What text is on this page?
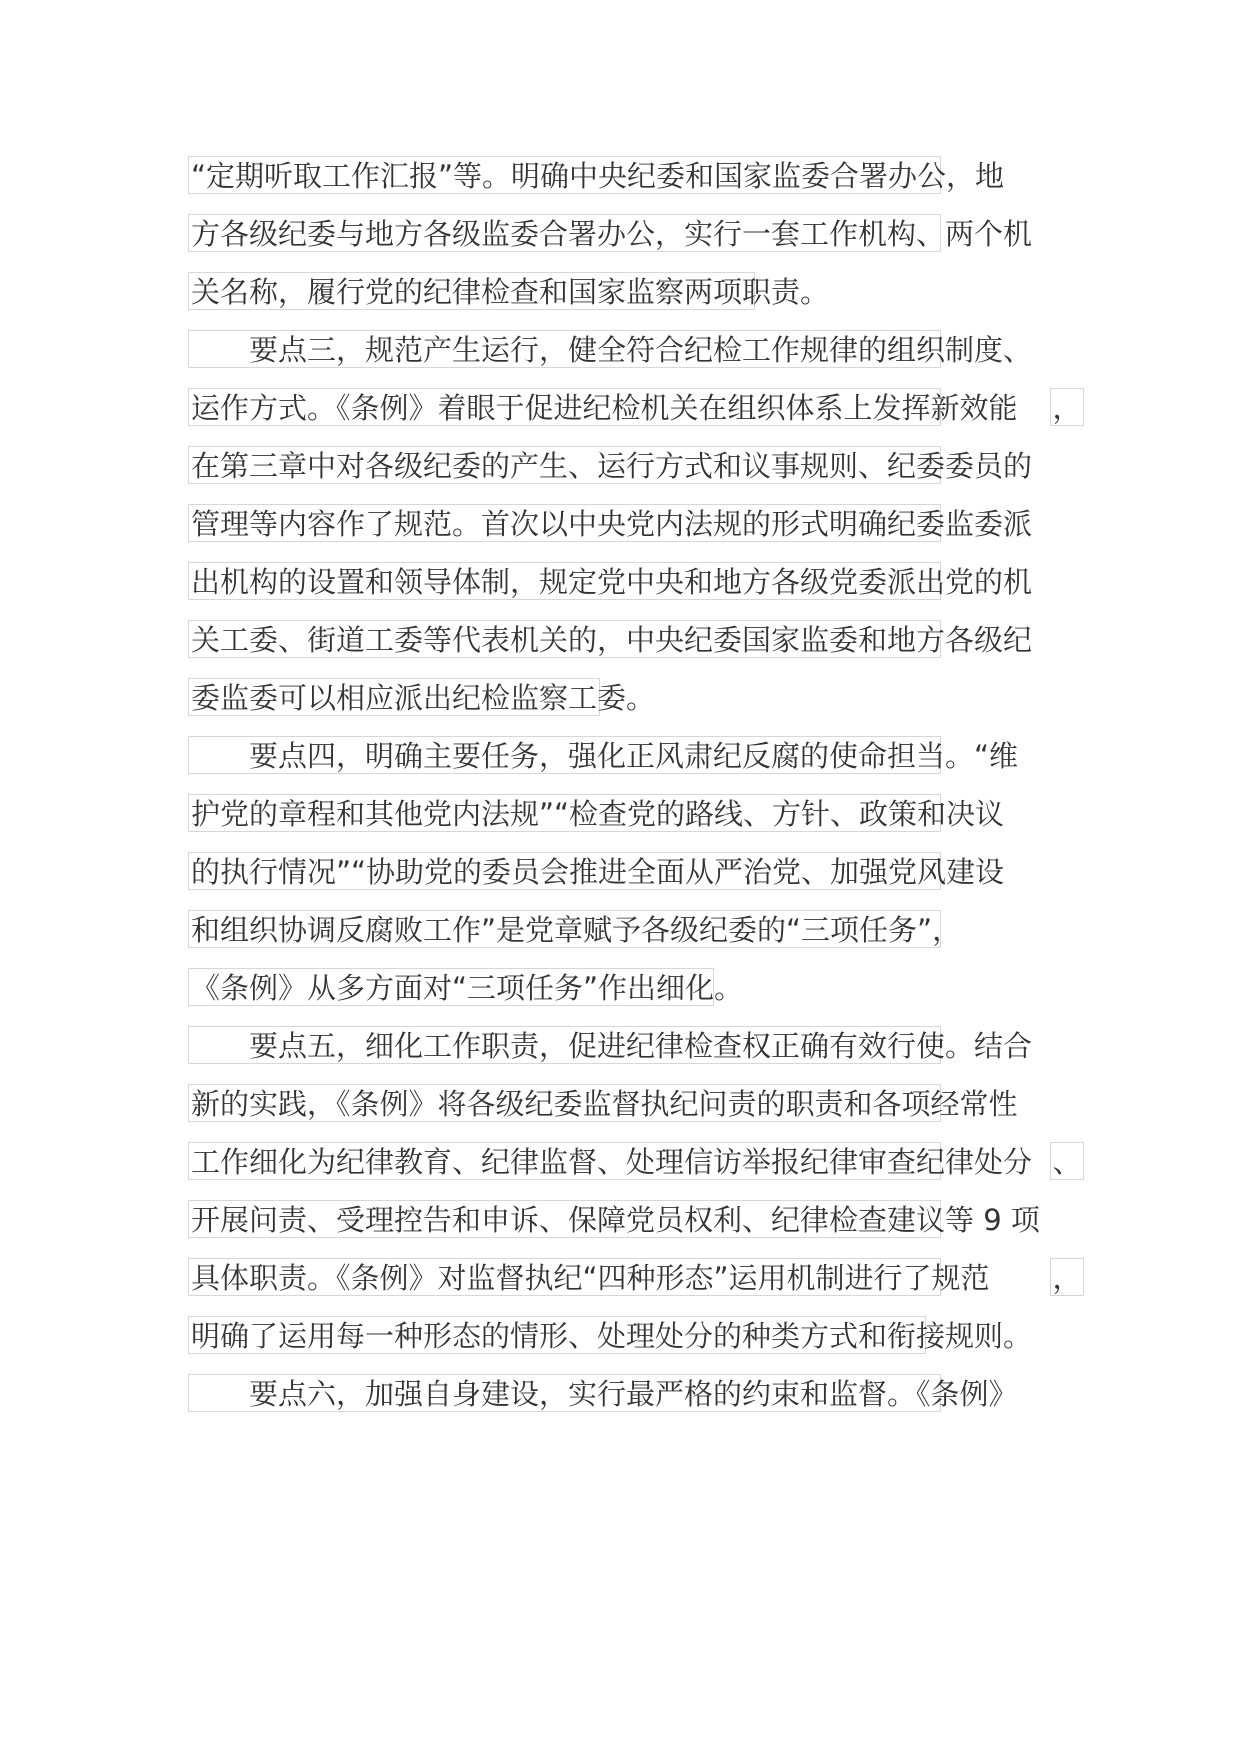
“定期听取工作汇报”等。明确中央纪委和国家监委合署办公，地
方各级纪委与地方各级监委合署办公，实行一套工作机构、两个机
关名称，履行党的纪律检查和国家监察两项职责。
　　要点三，规范产生运行，健全符合纪检工作规律的组织制度、
运作方式。《条例》着眼于促进纪检机关在组织体系上发挥新效能 ，
在第三章中对各级纪委的产生、运行方式和议事规则、纪委委员的
管理等内容作了规范。首次以中央党内法规的形式明确纪委监委派
出机构的设置和领导体制，规定党中央和地方各级党委派出党的机
关工委、街道工委等代表机关的，中央纪委国家监委和地方各级纪
委监委可以相应派出纪检监察工委。
　　要点四，明确主要任务，强化正风肃纪反腐的使命担当。“维
护党的章程和其他党内法规”“检查党的路线、方针、政策和决议
的执行情况”“协助党的委员会推进全面从严治党、加强党风建设
和组织协调反腐败工作”是党章赋予各级纪委的“三项任务”，
《条例》从多方面对“三项任务”作出细化。
　　要点五，细化工作职责，促进纪律检查权正确有效行使。结合
新的实践，《条例》将各级纪委监督执纪问责的职责和各项经常性
工作细化为纪律教育、纪律监督、处理信访举报纪律审查纪律处分 、
开展问责、受理控告和申诉、保障党员权利、纪律检查建议等 9 项
具体职责。《条例》对监督执纪“四种形态”运用机制进行了规范 ，
明确了运用每一种形态的情形、处理处分的种类方式和衔接规则。
　　要点六，加强自身建设，实行最严格的约束和监督。《条例》
